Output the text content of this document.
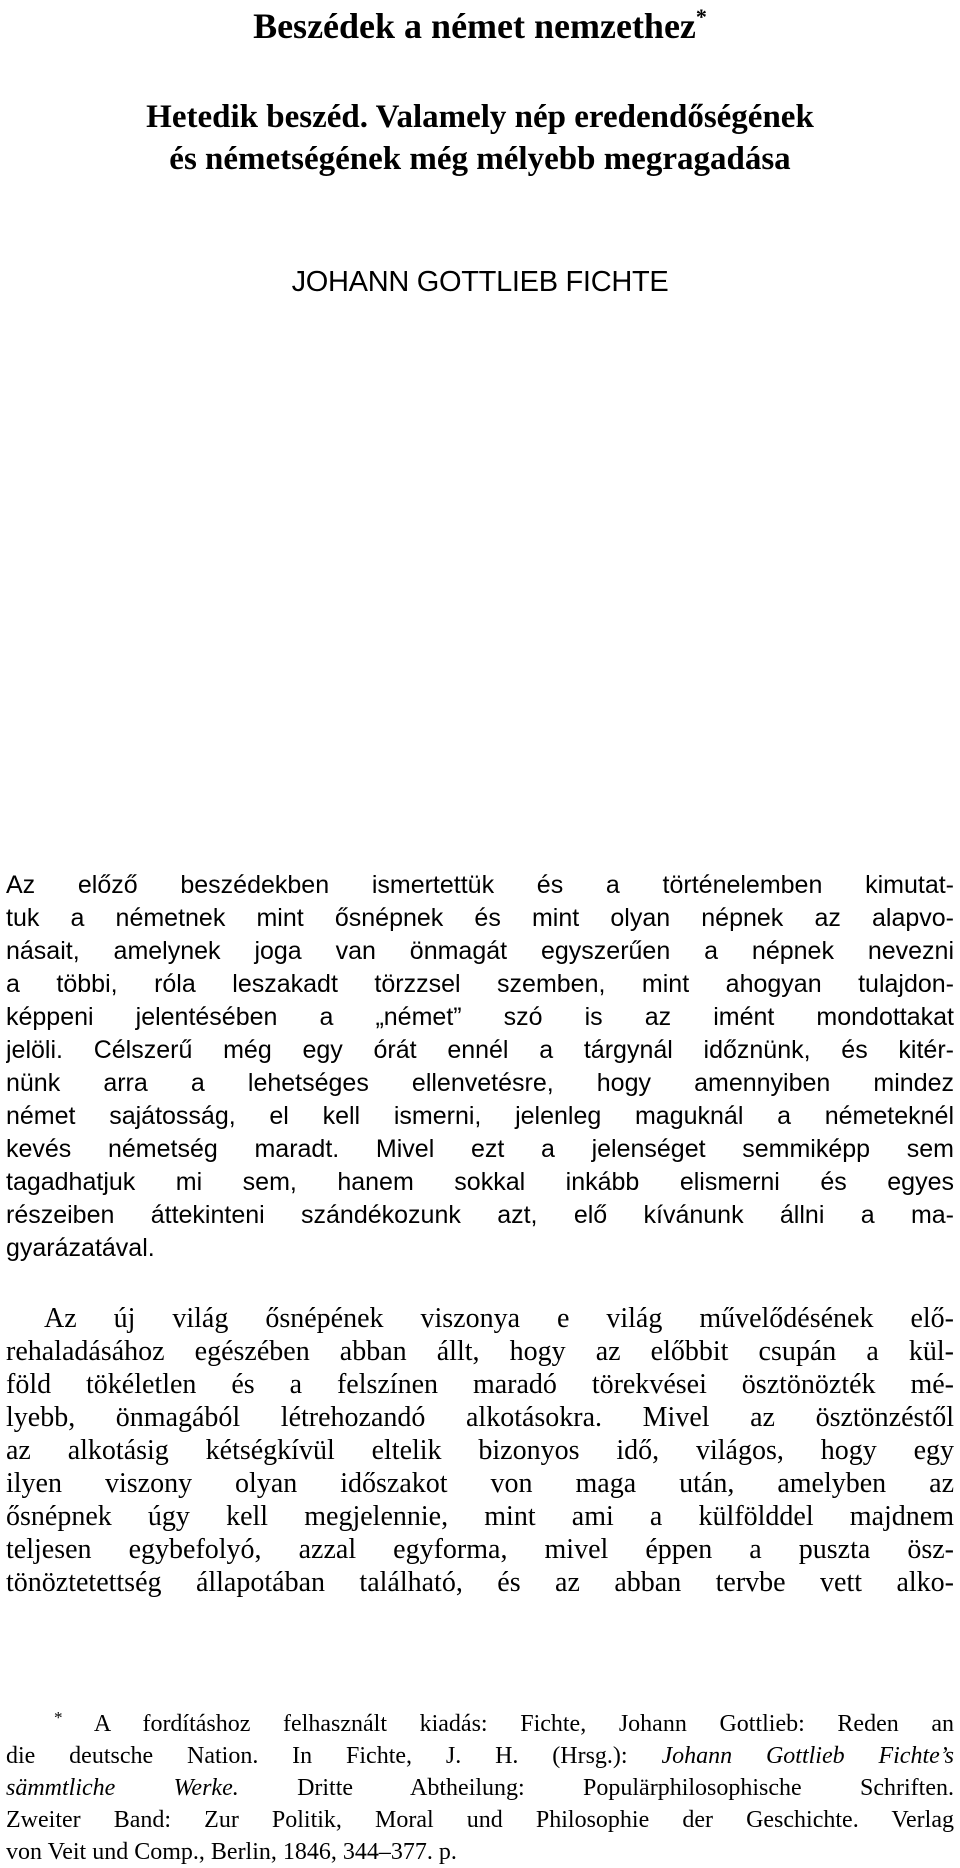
Beszédek a német nemzethez*
Hetedik beszéd. Valamely nép eredendőségének
és németségének még mélyebb megragadása
JOHANN GOTTLIEB FICHTE
Az előző beszédekben ismertettük és a történelemben kimutat-
tuk a németnek mint ősnépnek és mint olyan népnek az alapvo-
násait, amelynek joga van önmagát egyszerűen a népnek nevezni
a többi, róla leszakadt törzzsel szemben, mint ahogyan tulajdon-
képpeni jelentésében a „német” szó is az imént mondottakat
jelöli. Célszerű még egy órát ennél a tárgynál időznünk, és kitér-
nünk arra a lehetséges ellenvetésre, hogy amennyiben mindez
német sajátosság, el kell ismerni, jelenleg maguknál a németeknél
kevés németség maradt. Mivel ezt a jelenséget semmiképp sem
tagadhatjuk mi sem, hanem sokkal inkább elismerni és egyes
részeiben áttekinteni szándékozunk azt, elő kívánunk állni a ma-
gyarázatával.
Az új világ ősnépének viszonya e világ művelődésének elő-
rehaladásához egészében abban állt, hogy az előbbit csupán a kül-
föld tökéletlen és a felszínen maradó törekvései ösztönözték mé-
lyebb, önmagából létrehozandó alkotásokra. Mivel az ösztönzéstől
az alkotásig kétségkívül eltelik bizonyos idő, világos, hogy egy
ilyen viszony olyan időszakot von maga után, amelyben az
ősnépnek úgy kell megjelennie, mint ami a külfölddel majdnem
teljesen egybefolyó, azzal egyforma, mivel éppen a puszta ösz-
tönöztetettség állapotában található, és az abban tervbe vett alko-
* A fordításhoz felhasznált kiadás: Fichte, Johann Gottlieb: Reden an
die deutsche Nation. In Fichte, J. H. (Hrsg.): Johann Gottlieb Fichte’s
sämmtliche Werke. Dritte Abtheilung: Populärphilosophische Schriften.
Zweiter Band: Zur Politik, Moral und Philosophie der Geschichte. Verlag
von Veit und Comp., Berlin, 1846, 344–377. p.
